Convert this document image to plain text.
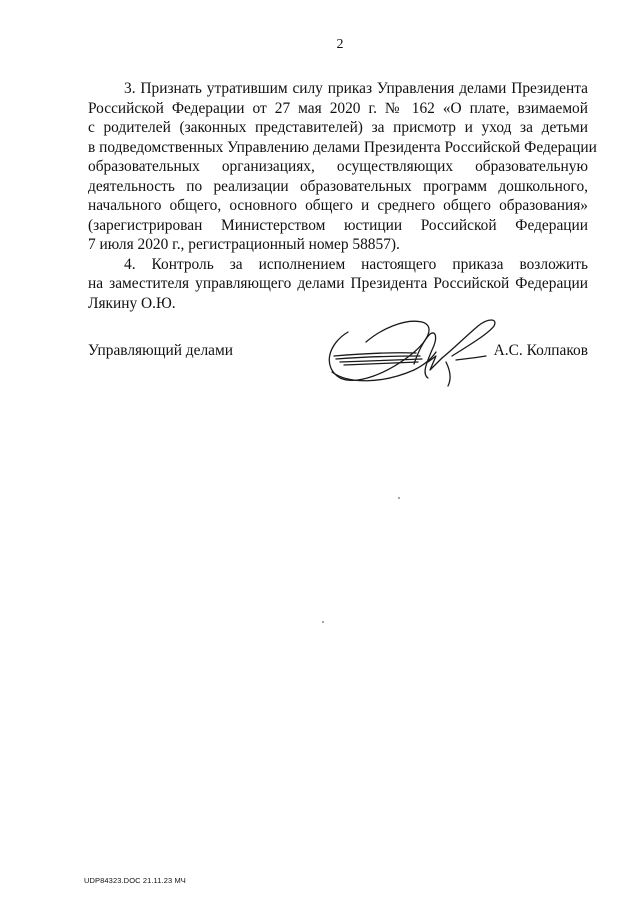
2
3. Признать утратившим силу приказ Управления делами Президента
Российской Федерации от 27 мая 2020 г. № 162 «О плате, взимаемой
с родителей (законных представителей) за присмотр и уход за детьми
в подведомственных Управлению делами Президента Российской Федерации
образовательных организациях, осуществляющих образовательную
деятельность по реализации образовательных программ дошкольного,
начального общего, основного общего и среднего общего образования»
(зарегистрирован Министерством юстиции Российской Федерации
7 июля 2020 г., регистрационный номер 58857).
4. Контроль за исполнением настоящего приказа возложить
на заместителя управляющего делами Президента Российской Федерации
Лякину О.Ю.
Управляющий делами	А.С. Колпаков
UDP84323.DOC 21.11.23 МЧ
